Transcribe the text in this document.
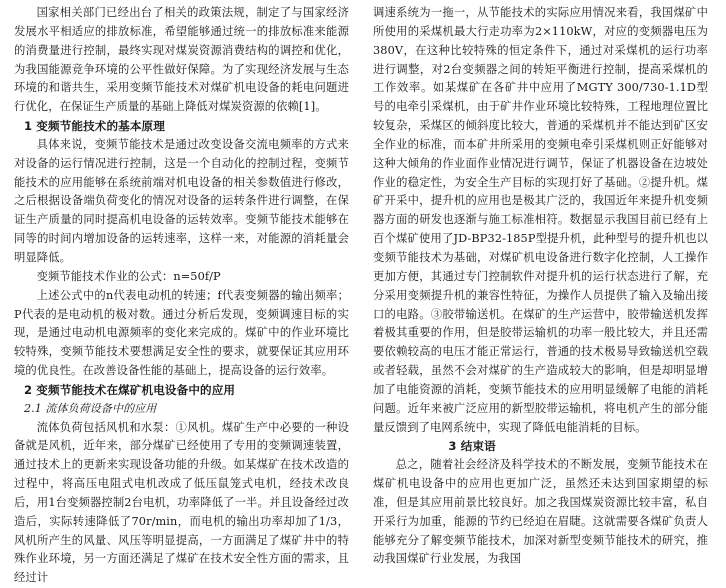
国家相关部门已经出台了相关的政策法规，制定了与国家经济发展水平相适应的排放标准，希望能够通过统一的排放标准来能源的消费量进行控制，最终实现对煤炭资源消费结构的调控和优化，为我国能源竞争环境的公平性做好保障。为了实现经济发展与生态环境的和谐共生，采用变频节能技术对煤矿机电设备的耗电问题进行优化，在保证生产质量的基础上降低对煤炭资源的依赖[1]。

1 变频节能技术的基本原理

具体来说，变频节能技术是通过改变设备交流电频率的方式来对设备的运行情况进行控制，这是一个自动化的控制过程，变频节能技术的应用能够在系统前端对机电设备的相关参数值进行修改，之后根据设备端负荷变化的情况对设备的运转条件进行调整，在保证生产质量的同时提高机电设备的运转效率。变频节能技术能够在同等的时间内增加设备的运转速率，这样一来，对能源的消耗量会明显降低。

变频节能技术作业的公式：n=50f/P

上述公式中的n代表电动机的转速；f代表变频器的输出频率；P代表的是电动机的极对数。通过分析后发现，变频调速目标的实现，是通过电动机电源频率的变化来完成的。煤矿中的作业环境比较特殊，变频节能技术要想满足安全性的要求，就要保证其应用环境的优良性。在改善设备性能的基础上，提高设备的运行效率。

2 变频节能技术在煤矿机电设备中的应用
2.1 流体负荷设备中的应用

流体负荷包括风机和水泵：①风机。煤矿生产中必要的一种设备就是风机，近年来，部分煤矿已经使用了专用的变频调速装置，通过技术上的更新来实现设备功能的升级。如某煤矿在技术改造的过程中，将高压电阻式电机改成了低压鼠笼式电机，经技术改良后，用1台变频器控制2台电机，功率降低了一半。并且设备经过改造后，实际转速降低了70r/min，而电机的输出功率却加了1/3，风机所产生的风量、风压等明显提高，一方面满足了煤矿井中的特殊作业环境，另一方面还满足了煤矿在技术安全性方面的需求，且经过计

调速系统为一拖一，从节能技术的实际应用情况来看，我国煤矿中所使用的采煤机最大行走功率为2×110kW，对应的变频器电压为380V，在这种比较特殊的恒定条件下，通过对采煤机的运行功率进行调整，对2台变频器之间的转矩平衡进行控制，提高采煤机的工作效率。如某煤矿在各矿井中应用了MGTY 300/730-1.1D型号的电牵引采煤机，由于矿井作业环境比较特殊，工程地理位置比较复杂，采煤区的倾斜度比较大，普通的采煤机并不能达到矿区安全作业的标准，而本矿井所采用的变频电牵引采煤机则正好能够对这种大倾角的作业面作业情况进行调节，保证了机器设备在边坡处作业的稳定性，为安全生产目标的实现打好了基础。②提升机。煤矿开采中，提升机的应用也是极其广泛的，我国近年来提升机变频器方面的研发也逐渐与施工标准相符。数据显示我国目前已经有上百个煤矿使用了JD-BP32-185P型提升机，此种型号的提升机也以变频节能技术为基础，对煤矿机电设备进行数字化控制，人工操作更加方便，其通过专门控制软件对提升机的运行状态进行了解，充分采用变频提升机的兼容性特征，为操作人员提供了输入及输出接口的电路。③胶带输送机。在煤矿的生产运营中，胶带输送机发挥着极其重要的作用，但是胶带运输机的功率一般比较大，并且还需要依赖较高的电压才能正常运行，普通的技术极易导致输送机空载或者轻载，虽然不会对煤矿的生产造成较大的影响，但是却明显增加了电能资源的消耗，变频节能技术的应用明显缓解了电能的消耗问题。近年来被广泛应用的新型胶带运输机，将电机产生的部分能量反馈到了电网系统中，实现了降低电能消耗的目标。

3 结束语

总之，随着社会经济及科学技术的不断发展，变频节能技术在煤矿机电设备中的应用也更加广泛，虽然还未达到国家期望的标准，但是其应用前景比较良好。加之我国煤炭资源比较丰富，私自开采行为加重，能源的节约已经迫在眉睫。这就需要各煤矿负责人能够充分了解变频节能技术，加深对新型变频节能技术的研究，推动我国煤矿行业发展，为我国
